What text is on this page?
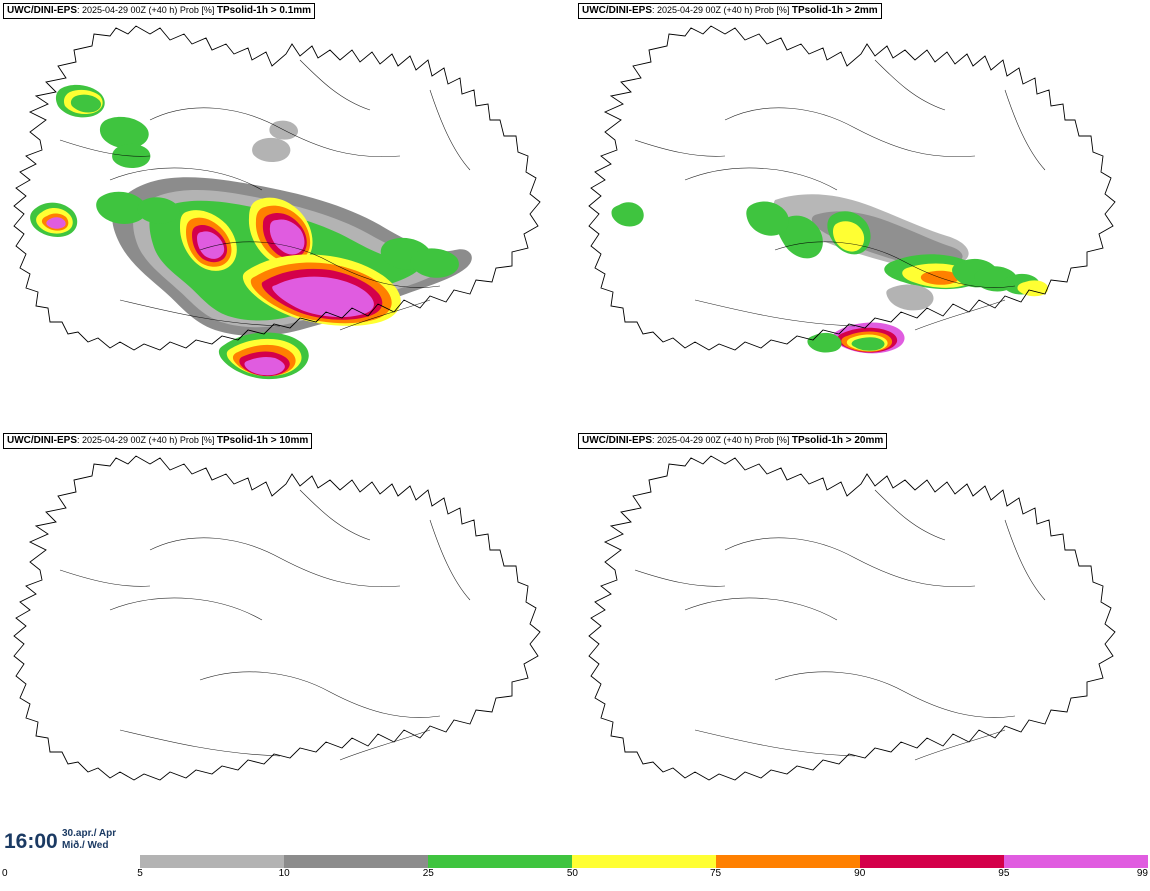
UWC/DINI-EPS: 2025-04-29 00Z (+40 h) Prob [%] TPsolid-1h > 0.1mm	UWC/DINI-EPS: 2025-04-29 00Z (+40 h) Prob [%] TPsolid-1h > 2mm
UWC/DINI-EPS: 2025-04-29 00Z (+40 h) Prob [%] TPsolid-1h > 10mm	UWC/DINI-EPS: 2025-04-29 00Z (+40 h) Prob [%] TPsolid-1h > 20mm
16:00 30.apr./ Apr
Mið./ Wed
0	99
5	10	25	50	75	90	95
